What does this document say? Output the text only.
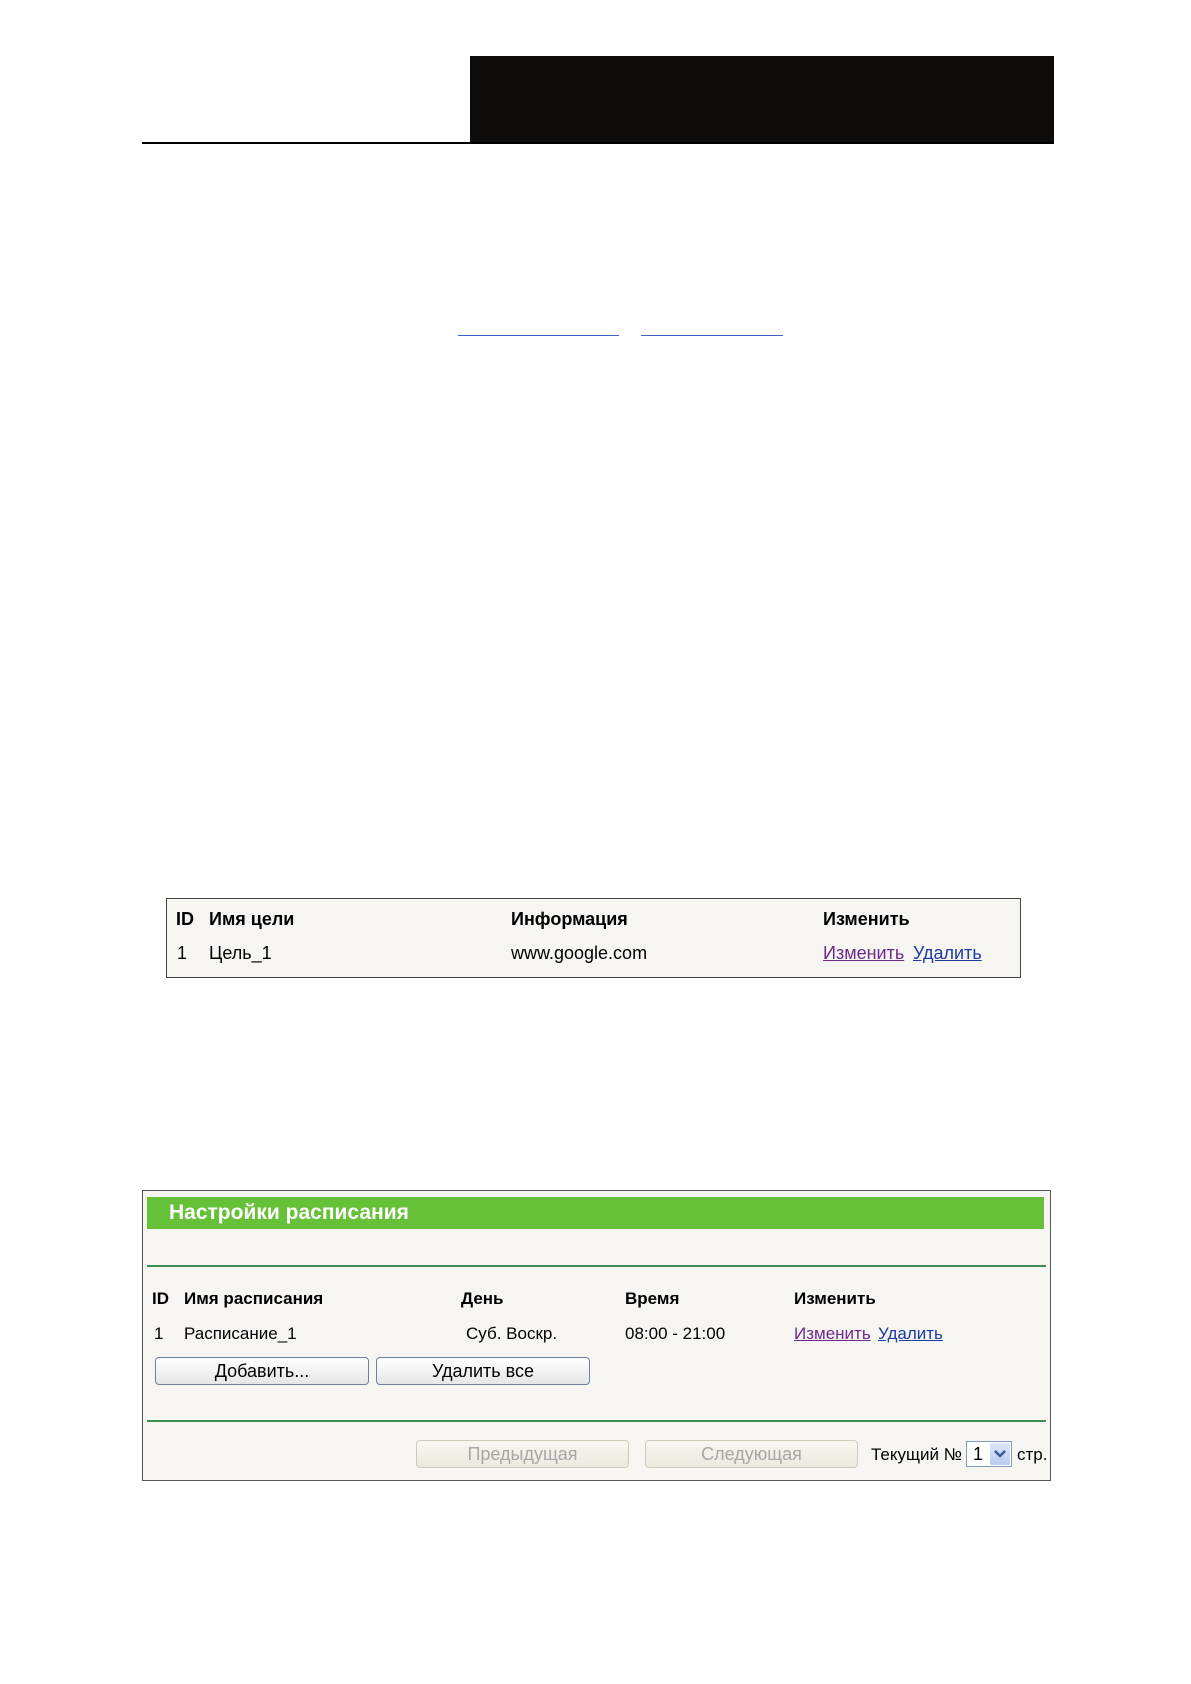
ID Имя цели	Информация	Изменить
1 Цель_1	www.google.com	Изменить Удалить
Настройки расписания
ID Имя расписания	День	Время	Изменить
1 Расписание_1	Суб. Воскр.	08:00 - 21:00	Изменить Удалить
Добавить...	Удалить все
Предыдущая	Следующая	Текущий № 1 стр.
